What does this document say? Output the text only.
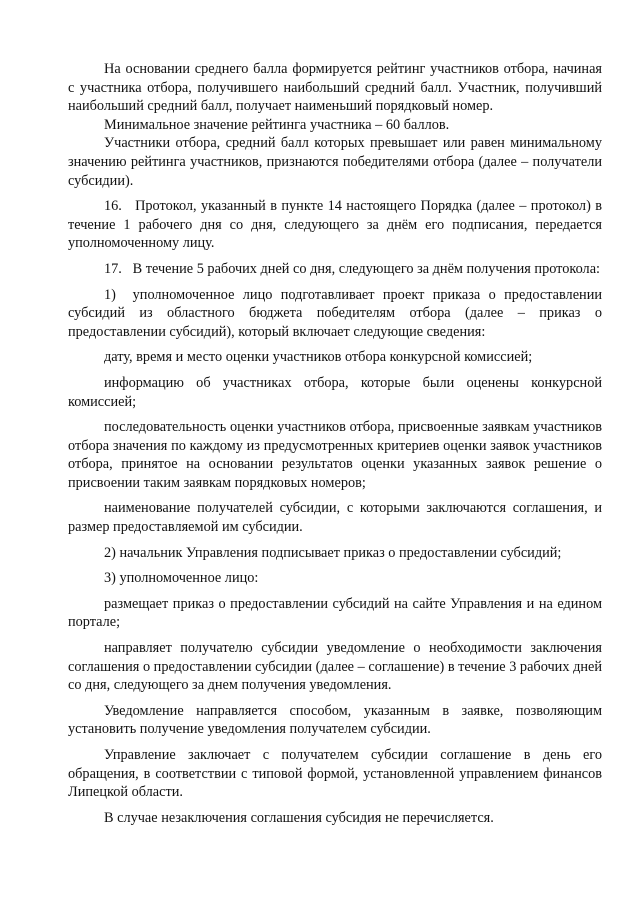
На основании среднего балла формируется рейтинг участников отбора, начиная с участника отбора, получившего наибольший средний балл. Участник, получивший наибольший средний балл, получает наименьший порядковый номер.

Минимальное значение рейтинга участника – 60 баллов.

Участники отбора, средний балл которых превышает или равен минимальному значению рейтинга участников, признаются победителями отбора (далее – получатели субсидии).

16.   Протокол, указанный в пункте 14 настоящего Порядка (далее – протокол) в течение 1 рабочего дня со дня, следующего за днём его подписания, передается уполномоченному лицу.

17.   В течение 5 рабочих дней со дня, следующего за днём получения протокола:

1)  уполномоченное лицо подготавливает проект приказа о предоставлении субсидий из областного бюджета победителям отбора (далее – приказ о предоставлении субсидий), который включает следующие сведения:

дату, время и место оценки участников отбора конкурсной комиссией;

информацию об участниках отбора, которые были оценены конкурсной комиссией;

последовательность оценки участников отбора, присвоенные заявкам участников отбора значения по каждому из предусмотренных критериев оценки заявок участников отбора, принятое на основании результатов оценки указанных заявок решение о присвоении таким заявкам порядковых номеров;

наименование получателей субсидии, с которыми заключаются соглашения, и размер предоставляемой им субсидии.

2) начальник Управления подписывает приказ о предоставлении субсидий;

3) уполномоченное лицо:

размещает приказ о предоставлении субсидий на сайте Управления и на едином портале;

направляет получателю субсидии уведомление о необходимости заключения соглашения о предоставлении субсидии (далее – соглашение) в течение 3 рабочих дней со дня, следующего за днем получения уведомления.

Уведомление направляется способом, указанным в заявке, позволяющим установить получение уведомления получателем субсидии.

Управление заключает с получателем субсидии соглашение в день его обращения, в соответствии с типовой формой, установленной управлением финансов Липецкой области.

В случае незаключения соглашения субсидия не перечисляется.
